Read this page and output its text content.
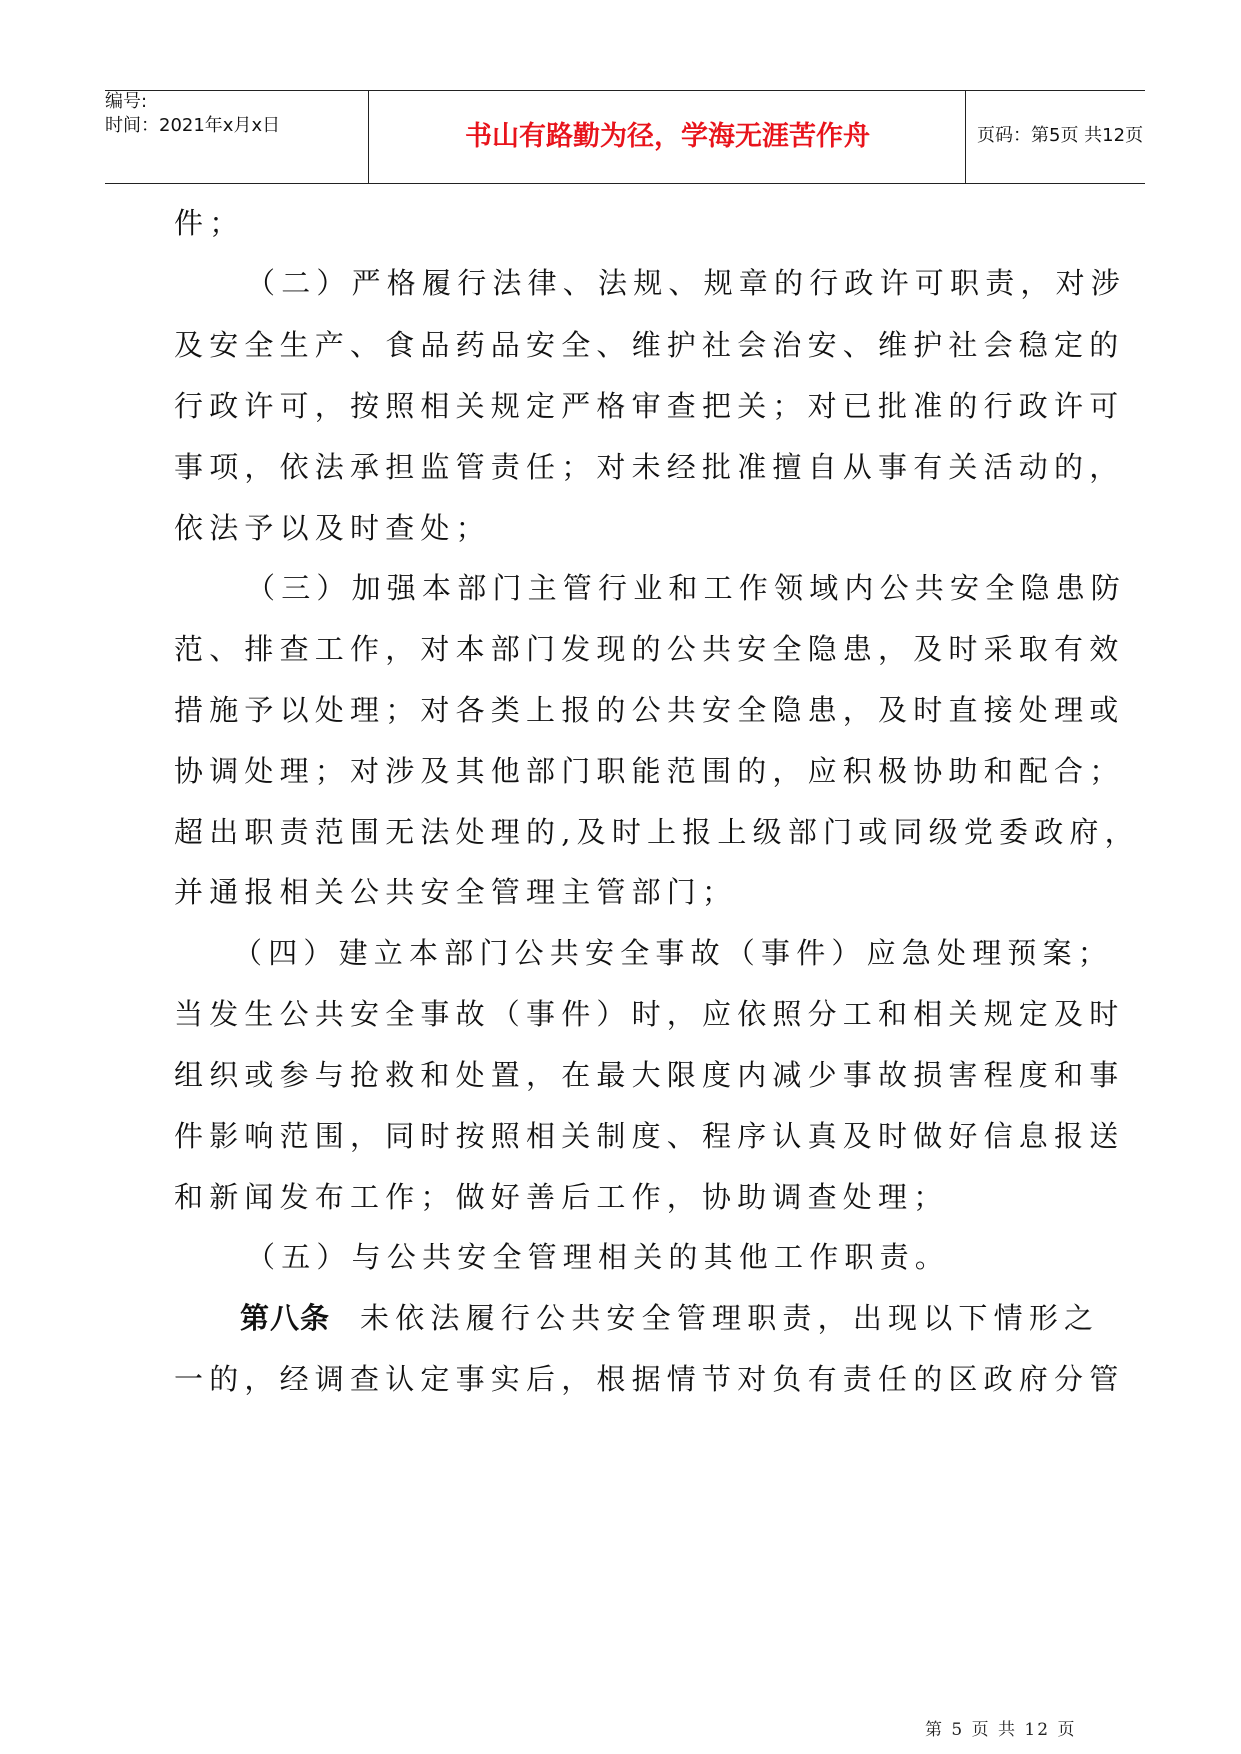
编号:
时间：2021年x月x日	书山有路勤为径，学海无涯苦作舟	页码：第5页 共12页
件；
（二）严格履行法律、法规、规章的行政许可职责，对涉
及安全生产、食品药品安全、维护社会治安、维护社会稳定的
行政许可，按照相关规定严格审查把关；对已批准的行政许可
事项，依法承担监管责任；对未经批准擅自从事有关活动的，
依法予以及时查处；
（三）加强本部门主管行业和工作领域内公共安全隐患防
范、排查工作，对本部门发现的公共安全隐患，及时采取有效
措施予以处理；对各类上报的公共安全隐患，及时直接处理或
协调处理；对涉及其他部门职能范围的，应积极协助和配合；
超出职责范围无法处理的,及时上报上级部门或同级党委政府，
并通报相关公共安全管理主管部门；
（四）建立本部门公共安全事故（事件）应急处理预案；
当发生公共安全事故（事件）时，应依照分工和相关规定及时
组织或参与抢救和处置，在最大限度内减少事故损害程度和事
件影响范围，同时按照相关制度、程序认真及时做好信息报送
和新闻发布工作；做好善后工作，协助调查处理；
（五）与公共安全管理相关的其他工作职责。
第八条 未依法履行公共安全管理职责，出现以下情形之
一的，经调查认定事实后，根据情节对负有责任的区政府分管
第 5 页 共 12 页
